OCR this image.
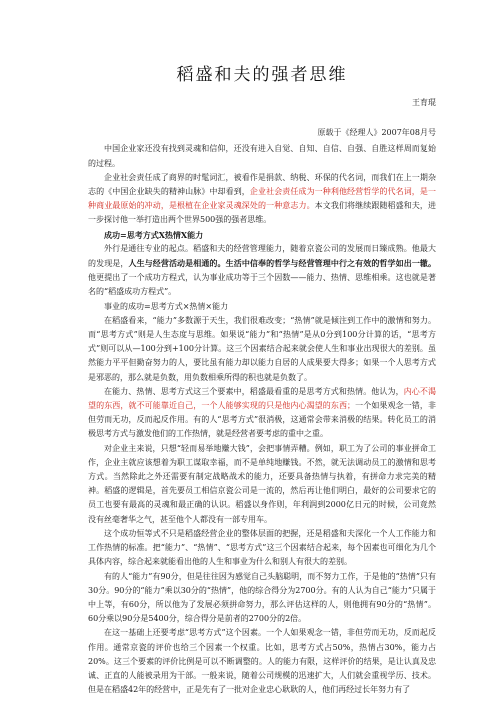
稻盛和夫的强者思维
王育琨
原载于《经理人》2007年08月号

中国企业家还没有找到灵魂和信仰，还没有进入自觉、自知、自信、自强、自胜这样周而复始的过程。

企业社会责任成了商界的时髦词汇，被看作是捐款、纳税、环保的代名词，而我们在上一期杂志的《中国企业缺失的精神山脉》中却看到，企业社会责任成为一种利他经营哲学的代名词，是一种商业最原始的冲动，是根植在企业家灵魂深处的一种意志力。本文我们将继续跟随稻盛和夫，进一步探讨他一举打造出两个世界500强的强者思维。

成功=思考方式X热情X能力

外行是通往专业的起点。稻盛和夫的经营管理能力，随着京瓷公司的发展而日臻成熟。他最大的发现是，人生与经营活动是相通的。生活中信奉的哲学与经营管理中行之有效的哲学如出一辙。他更提出了一个成功方程式，认为事业成功等于三个因数——能力、热情、思维相乘。这也就是著名的“稻盛成功方程式”。

事业的成功=思考方式×热情×能力

在稻盛看来，“能力”多数源于天生，我们很难改变；“热情”就是倾注到工作中的激情和努力。而“思考方式”则是人生态度与思维。如果说“能力”和“热情”是从0分到100分计算的话，“思考方式”则可以从—100分到+100分计算。这三个因素结合起来就会使人生和事业出现很大的差别。虽然能力平平但勤奋努力的人，要比虽有能力却以能力自居的人成果要大得多；如果一个人思考方式是邪恶的，那么就是负数，用负数相乘所得的积也就是负数了。

在能力、热情、思考方式这三个要素中，稻盛最看重的是思考方式和热情。他认为，内心不渴望的东西，就不可能靠近自己，一个人能够实现的只是他内心渴望的东西；一个如果观念一错，非但劳而无功，反而起反作用。有的人“思考方式”很消极，这通常会带来消极的结果。转化员工的消极思考方式与激发他们的工作热情，就是经营者要考虑的重中之重。

对企业主来说，只想“轻而易举地赚大钱”，会把事情弄糟。例如，职工为了公司的事业拼命工作，企业主就应该想着为职工谋取幸福，而不是单纯地赚钱。不然，就无法调动员工的激情和思考方式。当然除此之外还需要有制定战略战术的能力，还要具备热情与执着，有拼命力求完美的精神。稻盛的逻辑是，首先要员工相信京瓷公司是一流的，然后再让他们明白，最好的公司要求它的员工也要有最高的灵魂和最正确的认识。稻盛以身作则，年利润到2000亿日元的时候，公司竟然没有丝毫奢华之气，甚至他个人都没有一部专用车。

这个成功恒等式不只是稻盛经营企业的整体层面的把握，还是稻盛和夫深化一个人工作能力和工作热情的标准。把“能力”、“热情”、“思考方式”这三个因素结合起来，每个因素也可细化为几个具体内容，综合起来就能看出他的人生和事业为什么和别人有很大的差别。

有的人“能力”有90分，但是往往因为感觉自己头脑聪明，而不努力工作，于是他的“热情”只有30分。90分的“能力”乘以30分的“热情”，他的综合得分为2700分。有的人认为自己“能力”只属于中上等，有60分，所以他为了发展必须拼命努力，那么评估这样的人，则他拥有90分的“热情”。60分乘以90分是5400分，综合得分是前者的2700分的2倍。

在这一基础上还要考虑“思考方式”这个因素。一个人如果观念一错，非但劳而无功，反而起反作用。通常京瓷的评价也给三个因素一个权重。比如，思考方式占50%，热情占30%，能力占20%。这三个要素的评价比例是可以不断调整的。人的能力有限，这样评价的结果，是让认真及忠诚、正直的人能被录用为干部。一般来说，随着公司规模的迅速扩大，人们就会重视学历、技术。但是在稻盛42年的经营中，正是先有了一批对企业忠心耿耿的人，他们再经过长年努力有了
